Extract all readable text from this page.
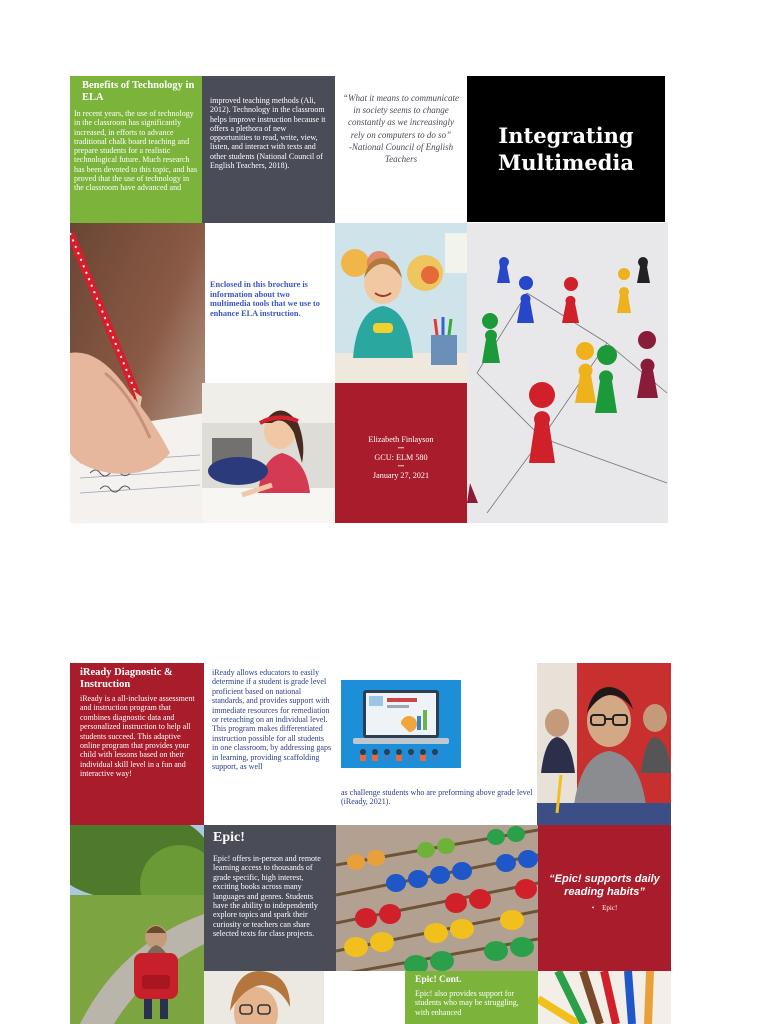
Benefits of Technology in ELA
In recent years, the use of technology in the classroom has significantly increased, in efforts to advance traditional chalk board teaching and prepare students for a realistic technological future. Much research has been devoted to this topic, and has proved that the use of technology in the classroom have advanced and
improved teaching methods (Ali, 2012). Technology in the classroom helps improve instruction because it offers a plethora of new opportunities to read, write, view, listen, and interact with texts and other students (National Council of English Teachers, 2018).
“What it means to communicate in society seems to change constantly as we increasingly rely on computers to do so”
-National Council of English Teachers
Integrating Multimedia
Enclosed in this brochure is information about two multimedia tools that we use to enhance ELA instruction.
Elizabeth Finlayson
•••
GCU: ELM 580
•••
January 27, 2021
iReady Diagnostic & Instruction
iReady is a all-inclusive assessment and instruction program that combines diagnostic data and personalized instruction to help all students succeed. This adaptive online program that provides your child with lessons based on their individual skill level in a fun and interactive way!
iReady allows educators to easily determine if a student is grade level proficient based on national standards, and provides support with immediate resources for remediation or reteaching on an individual level. This program makes differentiated instruction possible for all students in one classroom, by addressing gaps in learning, providing scaffolding support, as well
as challenge students who are preforming above grade level (iReady, 2021).
Epic!
Epic! offers in-person and remote learning access to thousands of grade specific, high interest, exciting books across many languages and genres. Students have the ability to independently explore topics and spark their curiosity or teachers can share selected texts for class projects.
“Epic! supports daily reading habits”
• Epic!
Epic! Cont.
Epic! also provides support for students who may be struggling, with enhanced
